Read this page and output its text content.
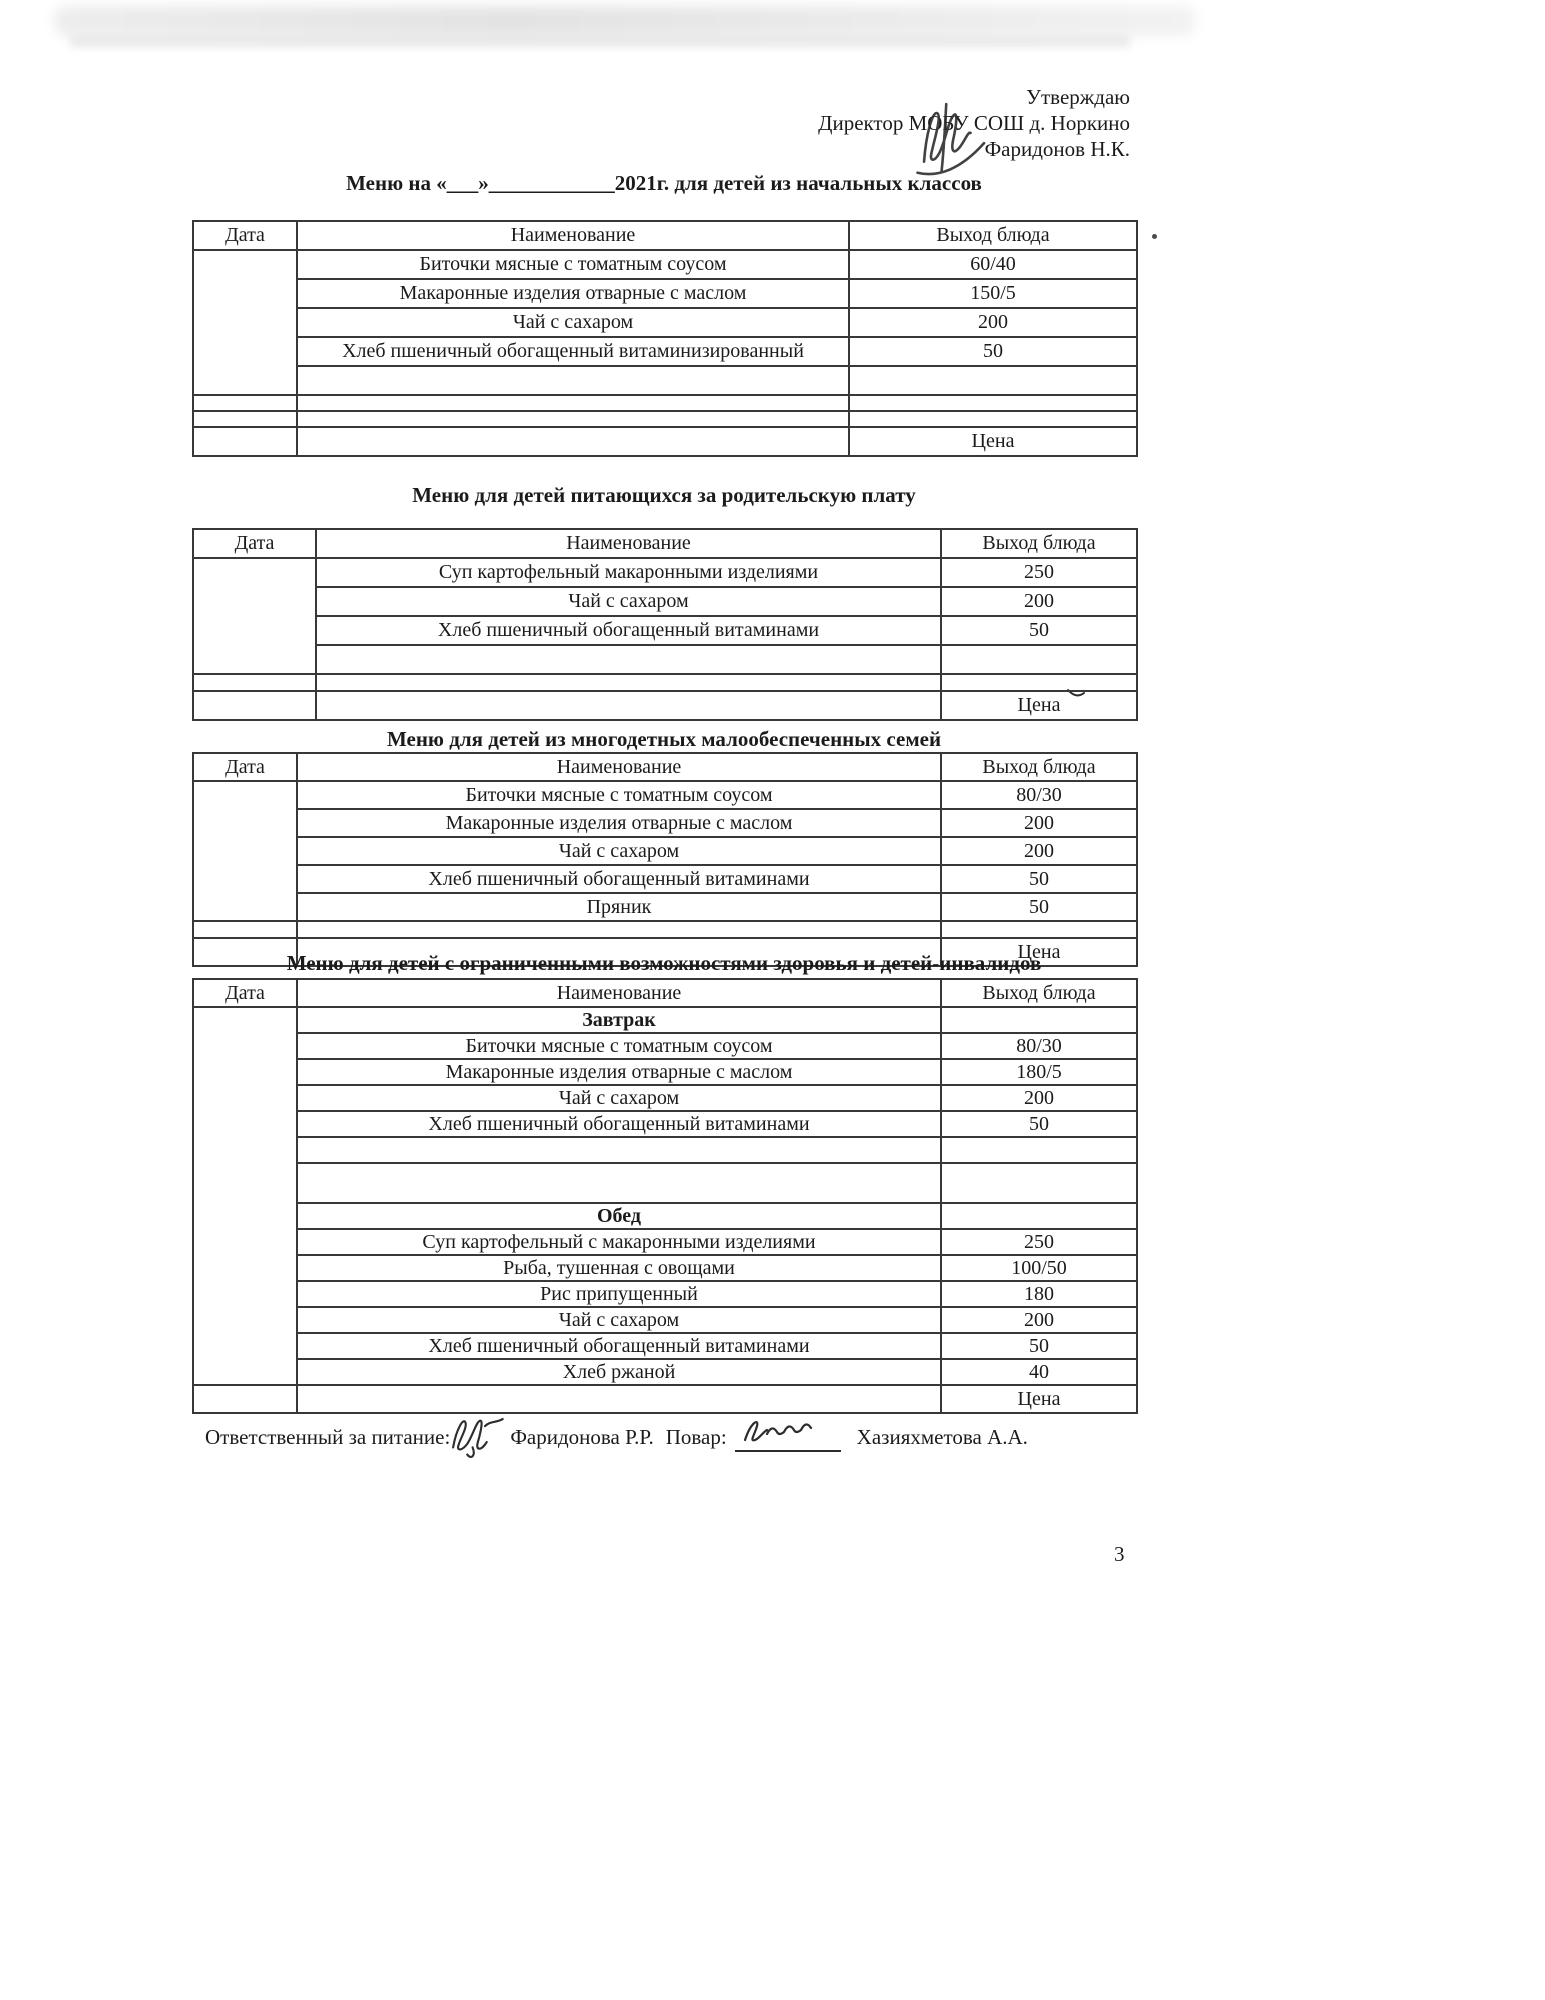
Утверждаю
Директор МОБУ СОШ д. Норкино
Фаридонов Н.К.
Меню на «___»____________2021г. для детей из начальных классов
Дата	Наименование	Выход блюда
	Биточки мясные с томатным соусом	60/40
	Макаронные изделия отварные с маслом	150/5
	Чай с сахаром	200
	Хлеб пшеничный обогащенный витаминизированный	50

		Цена
Меню для детей питающихся за родительскую плату
Дата	Наименование	Выход блюда
	Суп картофельный макаронными изделиями	250
	Чай с сахаром	200
	Хлеб пшеничный обогащенный витаминами	50

		Цена
Меню для детей из многодетных малообеспеченных семей
Дата	Наименование	Выход блюда
	Биточки мясные с томатным соусом	80/30
	Макаронные изделия отварные с маслом	200
	Чай с сахаром	200
	Хлеб пшеничный обогащенный витаминами	50
	Пряник	50

		Цена
Меню для детей с ограниченными возможностями здоровья и детей-инвалидов
Дата	Наименование	Выход блюда
	Завтрак	
	Биточки мясные с томатным соусом	80/30
	Макаронные изделия отварные с маслом	180/5
	Чай с сахаром	200
	Хлеб пшеничный обогащенный витаминами	50

	Обед	
	Суп картофельный с макаронными изделиями	250
	Рыба, тушенная с овощами	100/50
	Рис припущенный	180
	Чай с сахаром	200
	Хлеб пшеничный обогащенный витаминами	50
	Хлеб ржаной	40
		Цена
Ответственный за питание:	Фаридонова Р.Р. Повар:	Хазияхметова А.А.
3
